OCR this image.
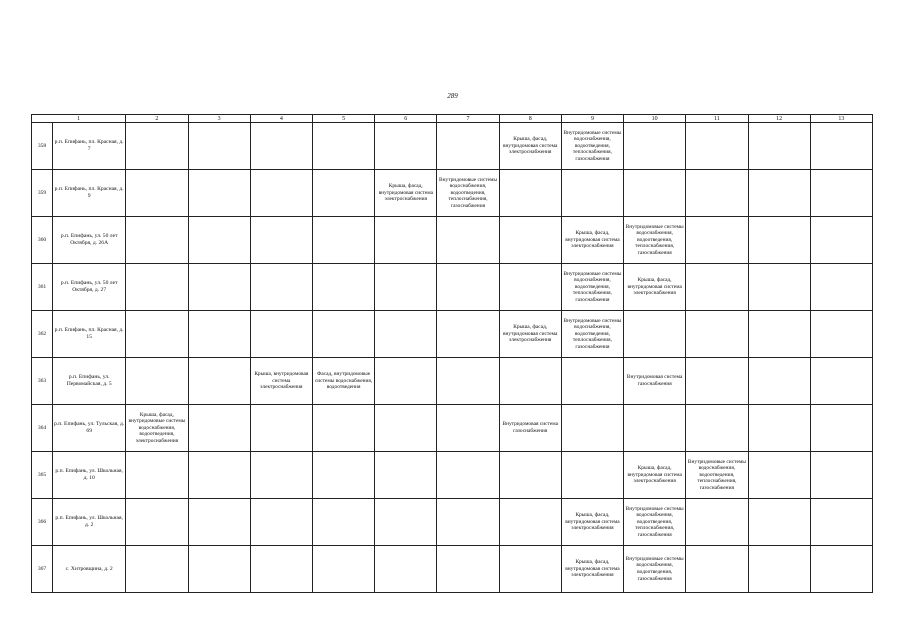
289
1		2	3	4	5	6	7	8	9	10	11	12	13
358	р.п. Епифань, пл. Красная, д. 7							Крыша, фасад, внутридомовая система электроснабжения	Внутридомовые системы водоснабжения, водоотведения, теплоснабжения, газоснабжения				
359	р.п. Епифань, пл. Красная, д. 9					Крыша, фасад, внутридомовая система электроснабжения	Внутридомовые системы водоснабжения, водоотведения, теплоснабжения, газоснабжения						
360	р.п. Епифань, ул. 50 лет Октября, д. 26А								Крыша, фасад, внутридомовая система электроснабжения	Внутридомовые системы водоснабжения, водоотведения, теплоснабжения, газоснабжения			
361	р.п. Епифань, ул. 50 лет Октября, д. 27								Внутридомовые системы водоснабжения, водоотведения, теплоснабжения, газоснабжения	Крыша, фасад, внутридомовая система электроснабжения			
362	р.п. Епифань, пл. Красная, д. 15							Крыша, фасад, внутридомовая система электроснабжения	Внутридомовые системы водоснабжения, водоотведения, теплоснабжения, газоснабжения				
363	р.п. Епифань, ул. Первомайская, д. 5			Крыша, внутридомовая система электроснабжения	Фасад, внутридомовые системы водоснабжения, водоотведения					Внутридомовая система газоснабжения			
364	р.п. Епифань, ул. Тульская, д. 69	Крыша, фасад, внутридомовые системы водоснабжения, водоотведения, электроснабжения						Внутридомовая система газоснабжения					
365	р.п. Епифань, ул. Школьная, д. 10									Крыша, фасад, внутридомовая система электроснабжения	Внутридомовые системы водоснабжения, водоотведения, теплоснабжения, газоснабжения		
366	р.п. Епифань, ул. Школьная, д. 2								Крыша, фасад, внутридомовая система электроснабжения	Внутридомовые системы водоснабжения, водоотведения, теплоснабжения, газоснабжения			
367	с. Хитровщина, д. 2								Крыша, фасад, внутридомовая система электроснабжения	Внутридомовые системы водоснабжения, водоотведения, газоснабжения			
